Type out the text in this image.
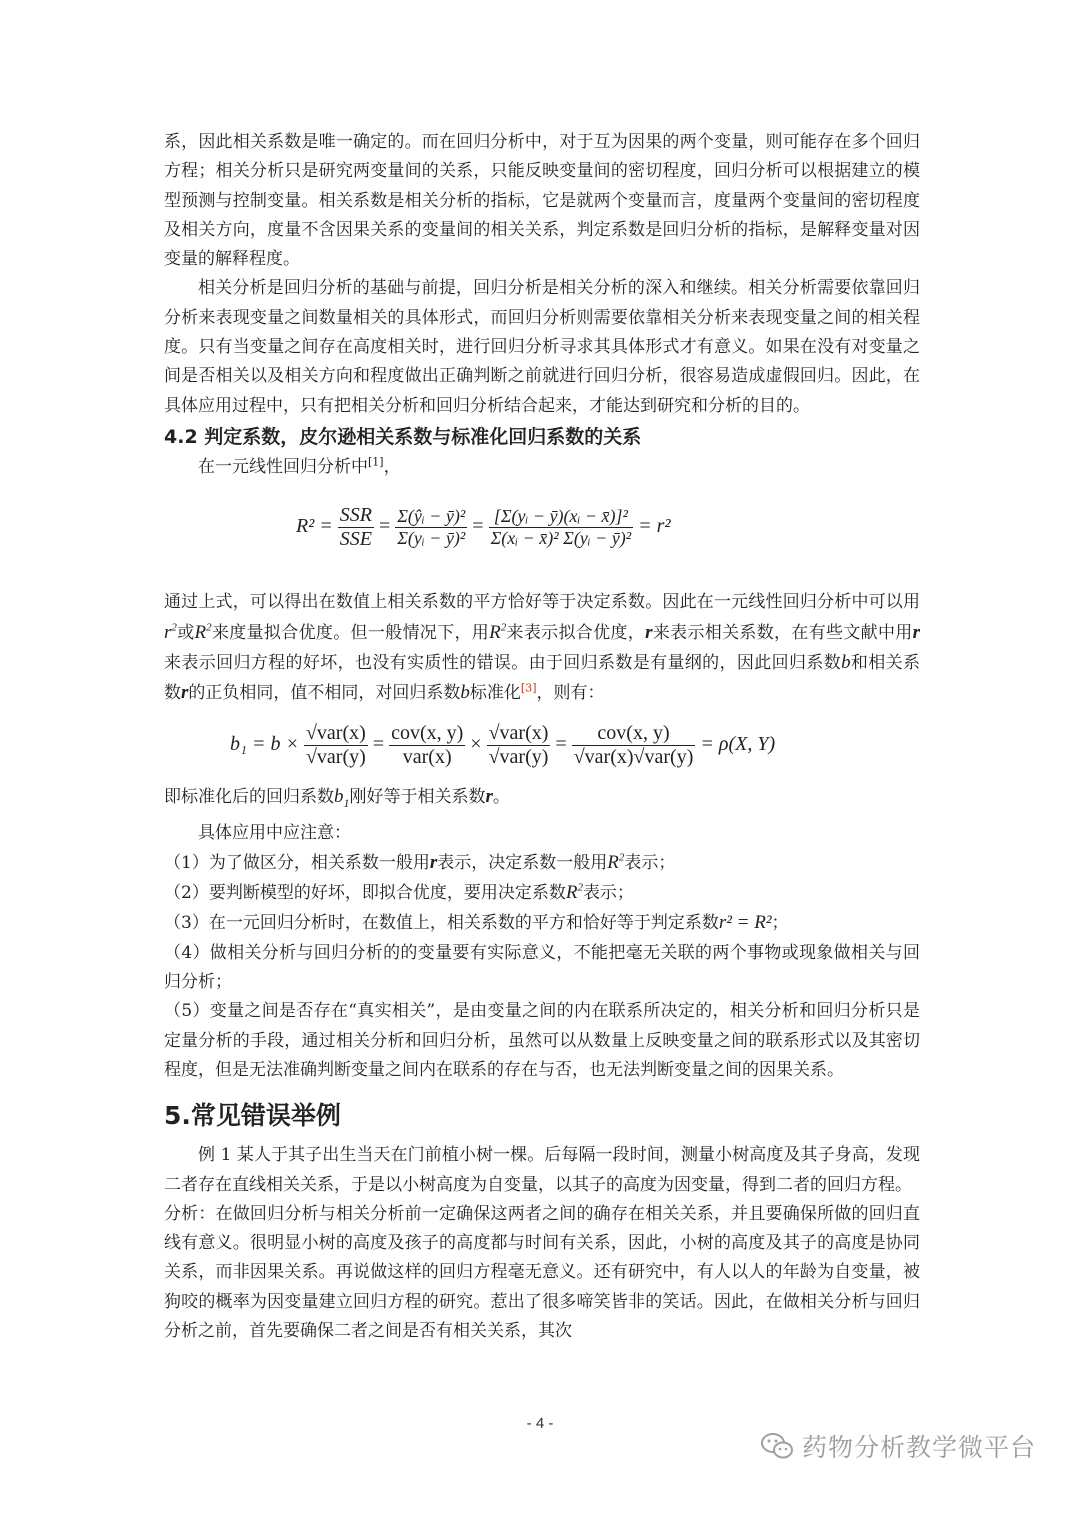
系，因此相关系数是唯一确定的。而在回归分析中，对于互为因果的两个变量，则可能存在多个回归方程；相关分析只是研究两变量间的关系，只能反映变量间的密切程度，回归分析可以根据建立的模型预测与控制变量。相关系数是相关分析的指标，它是就两个变量而言，度量两个变量间的密切程度及相关方向，度量不含因果关系的变量间的相关关系，判定系数是回归分析的指标，是解释变量对因变量的解释程度。

相关分析是回归分析的基础与前提，回归分析是相关分析的深入和继续。相关分析需要依靠回归分析来表现变量之间数量相关的具体形式，而回归分析则需要依靠相关分析来表现变量之间的相关程度。只有当变量之间存在高度相关时，进行回归分析寻求其具体形式才有意义。如果在没有对变量之间是否相关以及相关方向和程度做出正确判断之前就进行回归分析，很容易造成虚假回归。因此，在具体应用过程中，只有把相关分析和回归分析结合起来，才能达到研究和分析的目的。

4.2 判定系数，皮尔逊相关系数与标准化回归系数的关系

在一元线性回归分析中[1]，

$R^2 = \frac{\text{SSR}}{\text{SSE}} = \frac{\text{Σ(ŷᵢ − ȳ)²}}{\text{Σ(yᵢ − ȳ)²}} = \frac{\text{[Σ(yᵢ − ȳ)(xᵢ − x̄)]²}}{\text{Σ(xᵢ − x̄)² Σ(yᵢ − ȳ)²}} = r^2$

通过上式，可以得出在数值上相关系数的平方恰好等于决定系数。因此在一元线性回归分析中可以用$r^2$或$R^2$来度量拟合优度。但一般情况下，用$R^2$来表示拟合优度，r来表示相关系数，在有些文献中用r来表示回归方程的好坏，也没有实质性的错误。由于回归系数是有量纲的，因此回归系数b和相关系数r的正负相同，值不相同，对回归系数b标准化[3]，则有：

$b_1 = b \times \frac{\text{√var(x)}}{\text{√var(y)}} = \frac{\text{cov(x, y)}}{\text{var(x)}} \times \frac{\text{√var(x)}}{\text{√var(y)}} = \frac{\text{cov(x, y)}}{\text{√var(x)√var(y)}} = \rho(X$, Y)

即标准化后的回归系数$b_1$刚好等于相关系数r。

具体应用中应注意：

（1）为了做区分，相关系数一般用r表示，决定系数一般用$R^2$表示；

（2）要判断模型的好坏，即拟合优度，要用决定系数$R^2$表示；

（3）在一元回归分析时，在数值上，相关系数的平方和恰好等于判定系数r² = R²；

（4）做相关分析与回归分析的的变量要有实际意义，不能把毫无关联的两个事物或现象做相关与回归分析；

（5）变量之间是否存在“真实相关”，是由变量之间的内在联系所决定的，相关分析和回归分析只是定量分析的手段，通过相关分析和回归分析，虽然可以从数量上反映变量之间的联系形式以及其密切程度，但是无法准确判断变量之间内在联系的存在与否，也无法判断变量之间的因果关系。

5.常见错误举例

例 1 某人于其子出生当天在门前植小树一棵。后每隔一段时间，测量小树高度及其子身高，发现二者存在直线相关关系，于是以小树高度为自变量，以其子的高度为因变量，得到二者的回归方程。

分析：在做回归分析与相关分析前一定确保这两者之间的确存在相关关系，并且要确保所做的回归直线有意义。很明显小树的高度及孩子的高度都与时间有关系，因此，小树的高度及其子的高度是协同关系，而非因果关系。再说做这样的回归方程毫无意义。还有研究中，有人以人的年龄为自变量，被狗咬的概率为因变量建立回归方程的研究。惹出了很多啼笑皆非的笑话。因此，在做相关分析与回归分析之前，首先要确保二者之间是否有相关关系，其次

- 4 -
药物分析教学微平台
